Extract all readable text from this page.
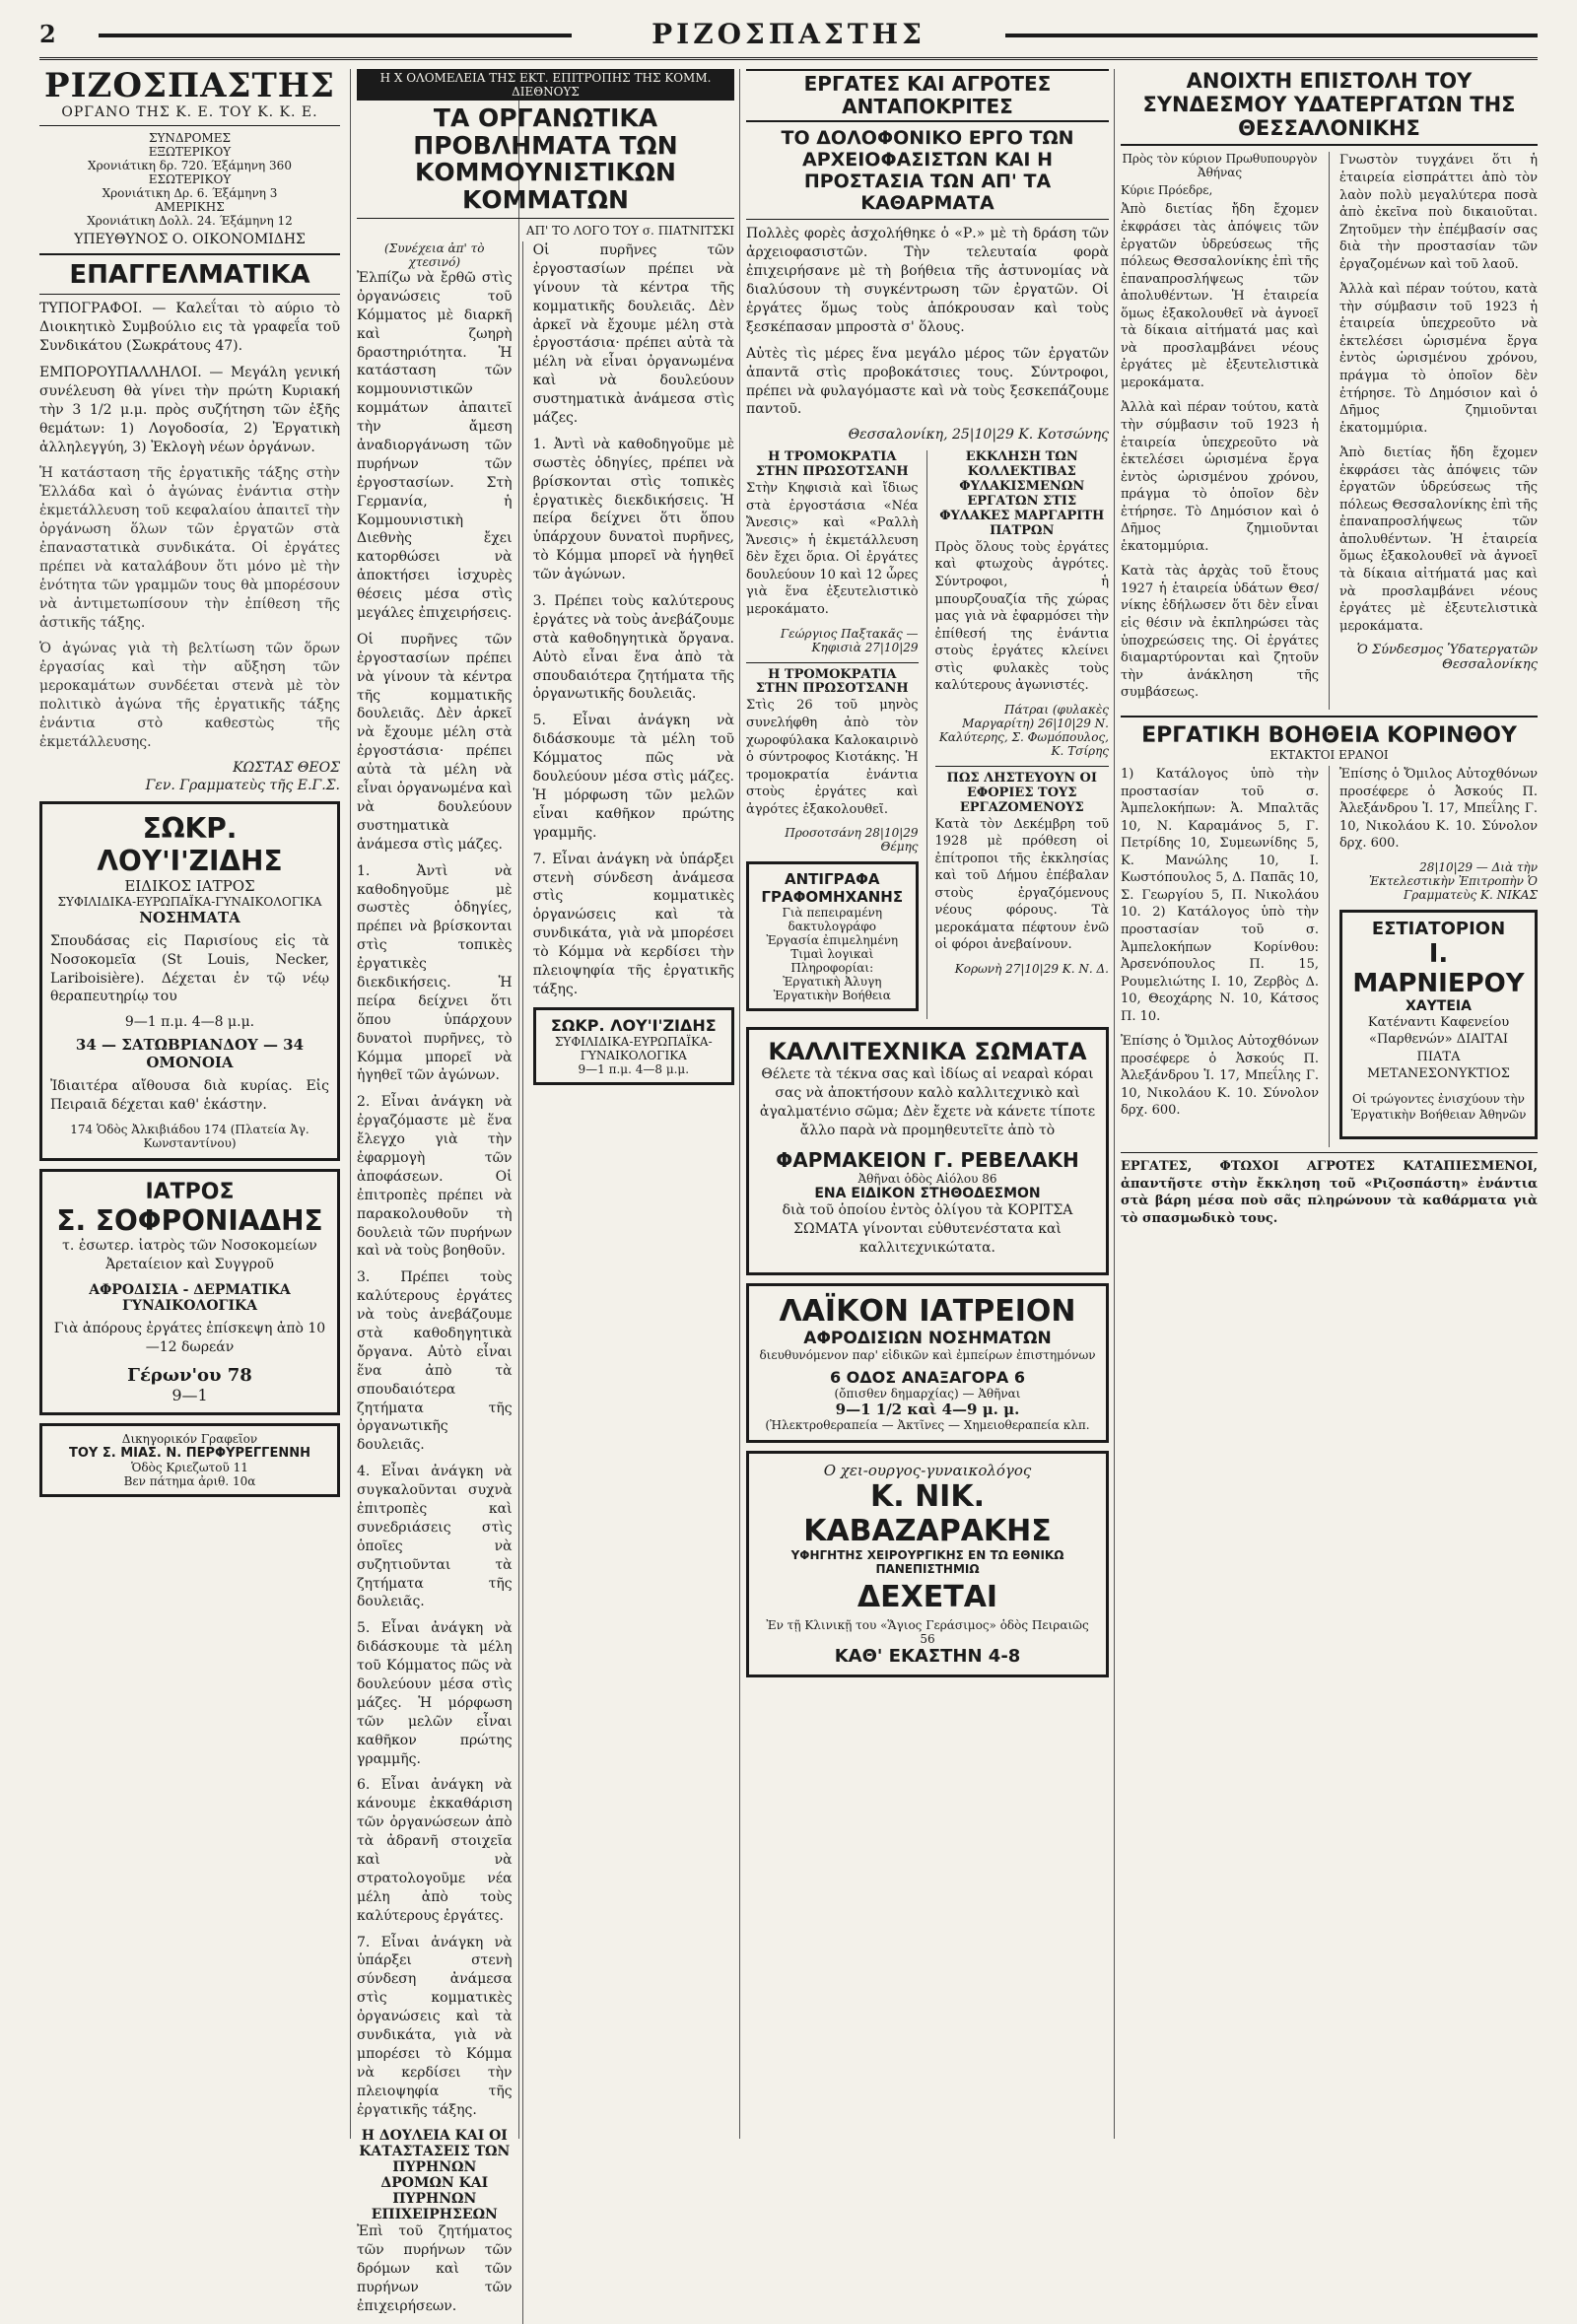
2	ΡΙΖΟΣΠΑΣΤΗΣ
ΡΙΖΟΣΠΑΣΤΗΣ
ΟΡΓΑΝΟ ΤΗΣ Κ. Ε. ΤΟΥ Κ. Κ. Ε.
ΣΥΝΔΡΟΜΕΣ
ΕΞΩΤΕΡΙΚΟΥ
Χρονιάτικη δρ. 720. Έξάμηνη 360
ΕΣΩΤΕΡΙΚΟΥ
Χρονιάτικη Δρ. 6. Έξάμηνη 3
ΑΜΕΡΙΚΗΣ
Χρονιάτικη Δολλ. 24. Έξάμηνη 12
ΥΠΕΥΘΥΝΟΣ Ο. ΟΙΚΟΝΟΜΙΔΗΣ
ΕΠΑΓΓΕΛΜΑΤΙΚΑ

ΤΥΠΟΓΡΑΦΟΙ. — Καλεΐται τὸ αύριο τὸ Διοικητικὸ Συμβούλιο εις τὰ γραφεΐα τοῦ Συνδικάτου (Σωκράτους 47).

ΕΜΠΟΡΟΥΠΑΛΛΗΛΟΙ. — Μεγάλη γενική συνέλευση θὰ γίνει τὴν πρώτη Κυριακή τὴν 3 1/2 μ.μ. πρὸς συζήτηση τῶν ἑξῆς θεμάτων: 1) Λογοδοσία, 2) Ἐργατικὴ ἀλληλεγγύη, 3) Ἐκλογὴ νέων ὀργάνων.

Ἡ κατάσταση τῆς ἐργατικῆς τάξης στὴν Ἑλλάδα καὶ ὁ ἀγώνας ἐνάντια στὴν ἐκμετάλλευση τοῦ κεφαλαίου ἀπαιτεῖ τὴν ὀργάνωση ὅλων τῶν ἐργατῶν στὰ ἐπαναστατικὰ συνδικάτα. Οἱ ἐργάτες πρέπει νὰ καταλάβουν ὅτι μόνο μὲ τὴν ἑνότητα τῶν γραμμῶν τους θὰ μπορέσουν νὰ ἀντιμετωπίσουν τὴν ἐπίθεση τῆς ἀστικῆς τάξης.

Ὁ ἀγώνας γιὰ τὴ βελτίωση τῶν ὅρων ἐργασίας καὶ τὴν αὔξηση τῶν μεροκαμάτων συνδέεται στενὰ μὲ τὸν πολιτικὸ ἀγώνα τῆς ἐργατικῆς τάξης ἐνάντια στὸ καθεστὼς τῆς ἐκμετάλλευσης.

ΚΩΣΤΑΣ ΘΕΟΣ
Γεν. Γραμματεὺς τῆς Ε.Γ.Σ.
ΣΩΚΡ. ΛΟΥ'Ι'ΖΙΔΗΣ
ΕΙΔΙΚΟΣ ΙΑΤΡΟΣ
ΣΥΦΙΛΙΔΙΚΑ-ΕΥΡΩΠΑΪΚΑ-ΓΥΝΑΙΚΟΛΟΓΙΚΑ
ΝΟΣΗΜΑΤΑ

Σπουδάσας εἰς Παρισίους εἰς τὰ Νοσοκομεῖα (St Louis, Necker, Lariboisière). Δέχεται ἐν τῷ νέῳ θεραπευτηρίῳ του

9—1 π.μ. 4—8 μ.μ.
34 — ΣΑΤΩΒΡΙΑΝΔΟΥ — 34 ΟΜΟΝΟΙΑ

Ἰδιαιτέρα αἴθουσα διὰ κυρίας. Εἰς Πειραιᾶ δέχεται καθ' ἑκάστην.

174 Ὁδὸς Ἀλκιβιάδου 174 (Πλατεία Ἀγ. Κωνσταντίνου)
ΙΑΤΡΟΣ
Σ. ΣΟΦΡΟΝΙΑΔΗΣ

τ. ἐσωτερ. ἰατρὸς τῶν Νοσοκομείων Ἀρεταίειον καὶ Συγγροῦ

ΑΦΡΟΔΙΣΙΑ - ΔΕΡΜΑΤΙΚΑ ΓΥΝΑΙΚΟΛΟΓΙΚΑ

Γιὰ ἀπόρους ἐργάτες ἐπίσκεψη ἀπὸ 10—12 δωρεάν

Γέρων'ου 78
9—1
Δικηγορικόν Γραφεῖον
ΤΟΥ Σ. ΜΙΑΣ. Ν. ΠΕΡΦΥΡΕΓΓΕΝΝΗ
Ὁδὸς Κριεζωτοῦ 11
Βεν πάτημα ἀριθ. 10α
Η Χ ΟΛΟΜΕΛΕΙΑ ΤΗΣ ΕΚΤ. ΕΠΙΤΡΟΠΗΣ ΤΗΣ ΚΟΜΜ. ΔΙΕΘΝΟΥΣ
ΤΑ ΟΡΓΑΝΩΤΙΚΑ ΠΡΟΒΛΗΜΑΤΑ ΤΩΝ ΚΟΜΜΟΥΝΙΣΤΙΚΩΝ ΚΟΜΜΑΤΩΝ
ΑΠ' ΤΟ ΛΟΓΟ ΤΟΥ σ. ΠΙΑΤΝΙΤΣΚΙ
(Συνέχεια ἀπ' τὸ χτεσινό)

Ἐλπίζω νὰ ἔρθῶ στὶς ὀργανώσεις τοῦ Κόμματος μὲ διαρκῆ καὶ ζωηρὴ δραστηριότητα. Ἡ κατάσταση τῶν κομμουνιστικῶν κομμάτων ἀπαιτεῖ τὴν ἄμεση ἀναδιοργάνωση τῶν πυρήνων τῶν ἐργοστασίων. Στὴ Γερμανία, ἡ Κομμουνιστικὴ Διεθνὴς ἔχει κατορθώσει νὰ ἀποκτήσει ἰσχυρὲς θέσεις μέσα στὶς μεγάλες ἐπιχειρήσεις.

Οἱ πυρῆνες τῶν ἐργοστασίων πρέπει νὰ γίνουν τὰ κέντρα τῆς κομματικῆς δουλειᾶς. Δὲν ἀρκεῖ νὰ ἔχουμε μέλη στὰ ἐργοστάσια· πρέπει αὐτὰ τὰ μέλη νὰ εἶναι ὀργανωμένα καὶ νὰ δουλεύουν συστηματικὰ ἀνάμεσα στὶς μάζες.

1. Ἀντὶ νὰ καθοδηγοῦμε μὲ σωστὲς ὁδηγίες, πρέπει νὰ βρίσκονται στὶς τοπικὲς ἐργατικὲς διεκδικήσεις. Ἡ πείρα δείχνει ὅτι ὅπου ὑπάρχουν δυνατοὶ πυρῆνες, τὸ Κόμμα μπορεῖ νὰ ἡγηθεῖ τῶν ἀγώνων.

2. Εἶναι ἀνάγκη νὰ ἐργαζόμαστε μὲ ἕνα ἔλεγχο γιὰ τὴν ἐφαρμογὴ τῶν ἀποφάσεων. Οἱ ἐπιτροπὲς πρέπει νὰ παρακολουθοῦν τὴ δουλειὰ τῶν πυρήνων καὶ νὰ τοὺς βοηθοῦν.

3. Πρέπει τοὺς καλύτερους ἐργάτες νὰ τοὺς ἀνεβάζουμε στὰ καθοδηγητικὰ ὄργανα. Αὐτὸ εἶναι ἕνα ἀπὸ τὰ σπουδαιότερα ζητήματα τῆς ὀργανωτικῆς δουλειᾶς.

4. Εἶναι ἀνάγκη νὰ συγκαλοῦνται συχνὰ ἐπιτροπὲς καὶ συνεδριάσεις στὶς ὁποῖες νὰ συζητιοῦνται τὰ ζητήματα τῆς δουλειᾶς.

5. Εἶναι ἀνάγκη νὰ διδάσκουμε τὰ μέλη τοῦ Κόμματος πῶς νὰ δουλεύουν μέσα στὶς μάζες. Ἡ μόρφωση τῶν μελῶν εἶναι καθῆκον πρώτης γραμμῆς.

6. Εἶναι ἀνάγκη νὰ κάνουμε ἐκκαθάριση τῶν ὀργανώσεων ἀπὸ τὰ ἀδρανῆ στοιχεῖα καὶ νὰ στρατολογοῦμε νέα μέλη ἀπὸ τοὺς καλύτερους ἐργάτες.

7. Εἶναι ἀνάγκη νὰ ὑπάρξει στενὴ σύνδεση ἀνάμεσα στὶς κομματικὲς ὀργανώσεις καὶ τὰ συνδικάτα, γιὰ νὰ μπορέσει τὸ Κόμμα νὰ κερδίσει τὴν πλειοψηφία τῆς ἐργατικῆς τάξης.

Η ΔΟΥΛΕΙΑ ΚΑΙ ΟΙ ΚΑΤΑΣΤΑΣΕΙΣ ΤΩΝ ΠΥΡΗΝΩΝ ΔΡΟΜΩΝ ΚΑΙ ΠΥΡΗΝΩΝ ΕΠΙΧΕΙΡΗΣΕΩΝ

Ἐπὶ τοῦ ζητήματος τῶν πυρήνων τῶν δρόμων καὶ τῶν πυρήνων τῶν ἐπιχειρήσεων.

Οἱ πυρῆνες τῶν ἐργοστασίων πρέπει νὰ γίνουν τὰ κέντρα τῆς κομματικῆς δουλειᾶς. Δὲν ἀρκεῖ νὰ ἔχουμε μέλη στὰ ἐργοστάσια· πρέπει αὐτὰ τὰ μέλη νὰ εἶναι ὀργανωμένα καὶ νὰ δουλεύουν συστηματικὰ ἀνάμεσα στὶς μάζες.

1. Ἀντὶ νὰ καθοδηγοῦμε μὲ σωστὲς ὁδηγίες, πρέπει νὰ βρίσκονται στὶς τοπικὲς ἐργατικὲς διεκδικήσεις. Ἡ πείρα δείχνει ὅτι ὅπου ὑπάρχουν δυνατοὶ πυρῆνες, τὸ Κόμμα μπορεῖ νὰ ἡγηθεῖ τῶν ἀγώνων.

3. Πρέπει τοὺς καλύτερους ἐργάτες νὰ τοὺς ἀνεβάζουμε στὰ καθοδηγητικὰ ὄργανα. Αὐτὸ εἶναι ἕνα ἀπὸ τὰ σπουδαιότερα ζητήματα τῆς ὀργανωτικῆς δουλειᾶς.

5. Εἶναι ἀνάγκη νὰ διδάσκουμε τὰ μέλη τοῦ Κόμματος πῶς νὰ δουλεύουν μέσα στὶς μάζες. Ἡ μόρφωση τῶν μελῶν εἶναι καθῆκον πρώτης γραμμῆς.

7. Εἶναι ἀνάγκη νὰ ὑπάρξει στενὴ σύνδεση ἀνάμεσα στὶς κομματικὲς ὀργανώσεις καὶ τὰ συνδικάτα, γιὰ νὰ μπορέσει τὸ Κόμμα νὰ κερδίσει τὴν πλειοψηφία τῆς ἐργατικῆς τάξης.

ΣΩΚΡ. ΛΟΥ'Ι'ΖΙΔΗΣ
ΣΥΦΙΛΙΔΙΚΑ-ΕΥΡΩΠΑΪΚΑ-ΓΥΝΑΙΚΟΛΟΓΙΚΑ
9—1 π.μ. 4—8 μ.μ.
ΕΡΓΑΤΕΣ ΚΑΙ ΑΓΡΟΤΕΣ ΑΝΤΑΠΟΚΡΙΤΕΣ
ΤΟ ΔΟΛΟΦΟΝΙΚΟ ΕΡΓΟ ΤΩΝ ΑΡΧΕΙΟΦΑΣΙΣΤΩΝ ΚΑΙ Η ΠΡΟΣΤΑΣΙΑ ΤΩΝ ΑΠ' ΤΑ ΚΑΘΑΡΜΑΤΑ

Πολλὲς φορὲς ἀσχολήθηκε ὁ «Ρ.» μὲ τὴ δράση τῶν ἀρχειοφασιστῶν. Τὴν τελευταία φορὰ ἐπιχειρήσανε μὲ τὴ βοήθεια τῆς ἀστυνομίας νὰ διαλύσουν τὴ συγκέντρωση τῶν ἐργατῶν. Οἱ ἐργάτες ὅμως τοὺς ἀπόκρουσαν καὶ τοὺς ξεσκέπασαν μπροστὰ σ' ὅλους.

Αὐτὲς τὶς μέρες ἕνα μεγάλο μέρος τῶν ἐργατῶν ἀπαντᾶ στὶς προβοκάτσιες τους. Σύντροφοι, πρέπει νὰ φυλαγόμαστε καὶ νὰ τοὺς ξεσκεπάζουμε παντοῦ.

Θεσσαλονίκη, 25|10|29 Κ. Κοτσώνης
Η ΤΡΟΜΟΚΡΑΤΙΑ ΣΤΗΝ ΠΡΩΣΟΤΣΑΝΗ

Στὴν Κηφισιὰ καὶ ἴδιως στὰ ἐργοστάσια «Νέα Ἄνεσις» καὶ «Ραλλὴ Ἄνεσις» ἡ ἐκμετάλλευση δὲν ἔχει ὅρια. Οἱ ἐργάτες δουλεύουν 10 καὶ 12 ὧρες γιὰ ἕνα ἐξευτελιστικὸ μεροκάματο.

Γεώργιος Παξτακᾶς — Κηφισιὰ 27|10|29
Η ΤΡΟΜΟΚΡΑΤΙΑ ΣΤΗΝ ΠΡΩΣΟΤΣΑΝΗ

Στὶς 26 τοῦ μηνὸς συνελήφθη ἀπὸ τὸν χωροφύλακα Καλοκαιρινὸ ὁ σύντροφος Κιοτάκης. Ἡ τρομοκρατία ἐνάντια στοὺς ἐργάτες καὶ ἀγρότες ἐξακολουθεῖ.

Προσοτσάνη 28|10|29 Θέμης
ΑΝΤΙΓΡΑΦΑ ΓΡΑΦΟΜΗΧΑΝΗΣ
Γιὰ πεπειραμένη δακτυλογράφο
Ἐργασία ἐπιμελημένη
Τιμαὶ λογικαὶ
Πληροφορίαι:
Ἐργατικὴ Ἀλυγη
Ἐργατικὴν Βοήθεια
ΕΚΚΛΗΣΗ ΤΩΝ ΚΟΛΛΕΚΤΙΒΑΣ ΦΥΛΑΚΙΣΜΕΝΩΝ ΕΡΓΑΤΩΝ ΣΤΙΣ ΦΥΛΑΚΕΣ ΜΑΡΓΑΡΙΤΗ ΠΑΤΡΩΝ

Πρὸς ὅλους τοὺς ἐργάτες καὶ φτωχοὺς ἀγρότες. Σύντροφοι, ἡ μπουρζουαζία τῆς χώρας μας γιὰ νὰ ἐφαρμόσει τὴν ἐπίθεσή της ἐνάντια στοὺς ἐργάτες κλείνει στὶς φυλακὲς τοὺς καλύτερους ἀγωνιστές.

Πάτραι (φυλακὲς Μαργαρίτη) 26|10|29 Ν. Καλύτερης, Σ. Φωμόπουλος, Κ. Τσίρης
ΠΩΣ ΛΗΣΤΕΥΟΥΝ ΟΙ ΕΦΟΡΙΕΣ ΤΟΥΣ ΕΡΓΑΖΟΜΕΝΟΥΣ

Κατὰ τὸν Δεκέμβρη τοῦ 1928 μὲ πρόθεση οἱ ἐπίτροποι τῆς ἐκκλησίας καὶ τοῦ Δήμου ἐπέβαλαν στοὺς ἐργαζόμενους νέους φόρους. Τὰ μεροκάματα πέφτουν ἐνῶ οἱ φόροι ἀνεβαίνουν.

Κορωνὴ 27|10|29 Κ. Ν. Δ.
ΚΑΛΛΙΤΕΧΝΙΚΑ ΣΩΜΑΤΑ

Θέλετε τὰ τέκνα σας καὶ ἰδίως αἱ νεαραὶ κόραι σας νὰ ἀποκτήσουν καλὸ καλλιτεχνικὸ καὶ ἀγαλματένιο σῶμα; Δὲν ἔχετε νὰ κάνετε τίποτε ἄλλο παρὰ νὰ προμηθευτεῖτε ἀπὸ τὸ

ΦΑΡΜΑΚΕΙΟΝ Γ. ΡΕΒΕΛΑΚΗ
Ἀθῆναι ὁδὸς Αἰόλου 86
ΕΝΑ ΕΙΔΙΚΟΝ ΣΤΗΘΟΔΕΣΜΟΝ

διὰ τοῦ ὁποίου ἐντὸς ὀλίγου τὰ ΚΟΡΙΤΣΑ ΣΩΜΑΤΑ γίνονται εὐθυτενέστατα καὶ καλλιτεχνικώτατα.

ΛΑΪΚΟΝ ΙΑΤΡΕΙΟΝ
ΑΦΡΟΔΙΣΙΩΝ ΝΟΣΗΜΑΤΩΝ
διευθυνόμενον παρ' εἰδικῶν καὶ ἐμπείρων ἐπιστημόνων
6 ΟΔΟΣ ΑΝΑΞΑΓΟΡΑ 6
(ὄπισθεν δημαρχίας) — Ἀθῆναι
9—1 1/2 καὶ 4—9 μ. μ.
(Ἠλεκτροθεραπεία — Ἀκτῖνες — Χημειοθεραπεία κλπ.
Ο χει-ουργος-γυναικολόγος
Κ. ΝΙΚ. ΚΑΒΑΖΑΡΑΚΗΣ
ΥΦΗΓΗΤΗΣ ΧΕΙΡΟΥΡΓΙΚΗΣ ΕΝ ΤΩ ΕΘΝΙΚΩ ΠΑΝΕΠΙΣΤΗΜΙΩ
ΔΕΧΕΤΑΙ
Ἐν τῇ Κλινικῇ του «Ἅγιος Γεράσιμος» ὁδὸς Πειραιῶς 56
ΚΑΘ' ΕΚΑΣΤΗΝ 4-8
ΑΝΟΙΧΤΗ ΕΠΙΣΤΟΛΗ ΤΟΥ ΣΥΝΔΕΣΜΟΥ ΥΔΑΤΕΡΓΑΤΩΝ ΤΗΣ ΘΕΣΣΑΛΟΝΙΚΗΣ
Πρὸς τὸν κύριον Πρωθυπουργὸν Ἀθήνας
Κύριε Πρόεδρε,

Ἀπὸ διετίας ἤδη ἔχομεν ἐκφράσει τὰς ἀπόψεις τῶν ἐργατῶν ὑδρεύσεως τῆς πόλεως Θεσσαλονίκης ἐπὶ τῆς ἐπαναπροσλήψεως τῶν ἀπολυθέντων. Ἡ ἑταιρεία ὅμως ἐξακολουθεῖ νὰ ἀγνοεῖ τὰ δίκαια αἰτήματά μας καὶ νὰ προσλαμβάνει νέους ἐργάτες μὲ ἐξευτελιστικὰ μεροκάματα.

Ἀλλὰ καὶ πέραν τούτου, κατὰ τὴν σύμβασιν τοῦ 1923 ἡ ἑταιρεία ὑπεχρεοῦτο νὰ ἐκτελέσει ὡρισμένα ἔργα ἐντὸς ὡρισμένου χρόνου, πράγμα τὸ ὁποῖον δὲν ἐτήρησε. Τὸ Δημόσιον καὶ ὁ Δῆμος ζημιοῦνται ἑκατομμύρια.

Κατὰ τὰς ἀρχὰς τοῦ ἔτους 1927 ἡ ἑταιρεία ὑδάτων Θεσ/νίκης ἐδήλωσεν ὅτι δὲν εἶναι εἰς θέσιν νὰ ἐκπληρώσει τὰς ὑποχρεώσεις της. Οἱ ἐργάτες διαμαρτύρονται καὶ ζητοῦν τὴν ἀνάκληση τῆς συμβάσεως.

Γνωστὸν τυγχάνει ὅτι ἡ ἑταιρεία εἰσπράττει ἀπὸ τὸν λαὸν πολὺ μεγαλύτερα ποσὰ ἀπὸ ἐκεῖνα ποὺ δικαιοῦται. Ζητοῦμεν τὴν ἐπέμβασίν σας διὰ τὴν προστασίαν τῶν ἐργαζομένων καὶ τοῦ λαοῦ.

Ἀλλὰ καὶ πέραν τούτου, κατὰ τὴν σύμβασιν τοῦ 1923 ἡ ἑταιρεία ὑπεχρεοῦτο νὰ ἐκτελέσει ὡρισμένα ἔργα ἐντὸς ὡρισμένου χρόνου, πράγμα τὸ ὁποῖον δὲν ἐτήρησε. Τὸ Δημόσιον καὶ ὁ Δῆμος ζημιοῦνται ἑκατομμύρια.

Ἀπὸ διετίας ἤδη ἔχομεν ἐκφράσει τὰς ἀπόψεις τῶν ἐργατῶν ὑδρεύσεως τῆς πόλεως Θεσσαλονίκης ἐπὶ τῆς ἐπαναπροσλήψεως τῶν ἀπολυθέντων. Ἡ ἑταιρεία ὅμως ἐξακολουθεῖ νὰ ἀγνοεῖ τὰ δίκαια αἰτήματά μας καὶ νὰ προσλαμβάνει νέους ἐργάτες μὲ ἐξευτελιστικὰ μεροκάματα.

Ὁ Σύνδεσμος Ὑδατεργατῶν Θεσσαλονίκης
ΕΡΓΑΤΙΚΗ ΒΟΗΘΕΙΑ ΚΟΡΙΝΘΟΥ
ΕΚΤΑΚΤΟΙ ΕΡΑΝΟΙ

1) Κατάλογος ὑπὸ τὴν προστασίαν τοῦ σ. Ἀμπελοκήπων: Ἀ. Μπαλτᾶς 10, Ν. Καραμάνος 5, Γ. Πετρίδης 10, Συμεωνίδης 5, Κ. Μανώλης 10, Ι. Κωστόπουλος 5, Δ. Παπᾶς 10, Σ. Γεωργίου 5, Π. Νικολάου 10. 2) Κατάλογος ὑπὸ τὴν προστασίαν τοῦ σ. Ἀμπελοκήπων Κορίνθου: Ἀρσενόπουλος Π. 15, Ρουμελιώτης Ι. 10, Ζερβὸς Δ. 10, Θεοχάρης Ν. 10, Κάτσος Π. 10.

Ἐπίσης ὁ Ὄμιλος Αὐτοχθόνων προσέφερε ὁ Ἀσκούς Π. Ἀλεξάνδρου Ἱ. 17, Μπεΐλης Γ. 10, Νικολάου Κ. 10. Σύνολον δρχ. 600.

Ἐπίσης ὁ Ὄμιλος Αὐτοχθόνων προσέφερε ὁ Ἀσκούς Π. Ἀλεξάνδρου Ἱ. 17, Μπεΐλης Γ. 10, Νικολάου Κ. 10. Σύνολον δρχ. 600.

28|10|29 — Διὰ τὴν Ἐκτελεστικὴν Ἐπιτροπὴν Ὁ Γραμματεὺς Κ. ΝΙΚΑΣ
ΕΣΤΙΑΤΟΡΙΟΝ
Ι. ΜΑΡΝΙΕΡΟΥ
ΧΑΥΤΕΙΑ

Κατέναντι Καφενείου «Παρθενών» ΔΙΑΙΤΑΙ ΠΙΑΤΑ ΜΕΤΑΝΕΣΟΝΥΚΤΙΟΣ

Οἱ τρώγοντες ἐνισχύουν τὴν Ἐργατικὴν Βοήθειαν Ἀθηνῶν

ΕΡΓΑΤΕΣ, ΦΤΩΧΟΙ ΑΓΡΟΤΕΣ ΚΑΤΑΠΙΕΣΜΕΝΟΙ, ἀπαντῆστε στὴν ἔκκληση τοῦ «Ριζοσπάστη» ἐνάντια στὰ βάρη μέσα ποὺ σᾶς πληρώνουν τὰ καθάρματα γιὰ τὸ σπασμωδικὸ τους.
